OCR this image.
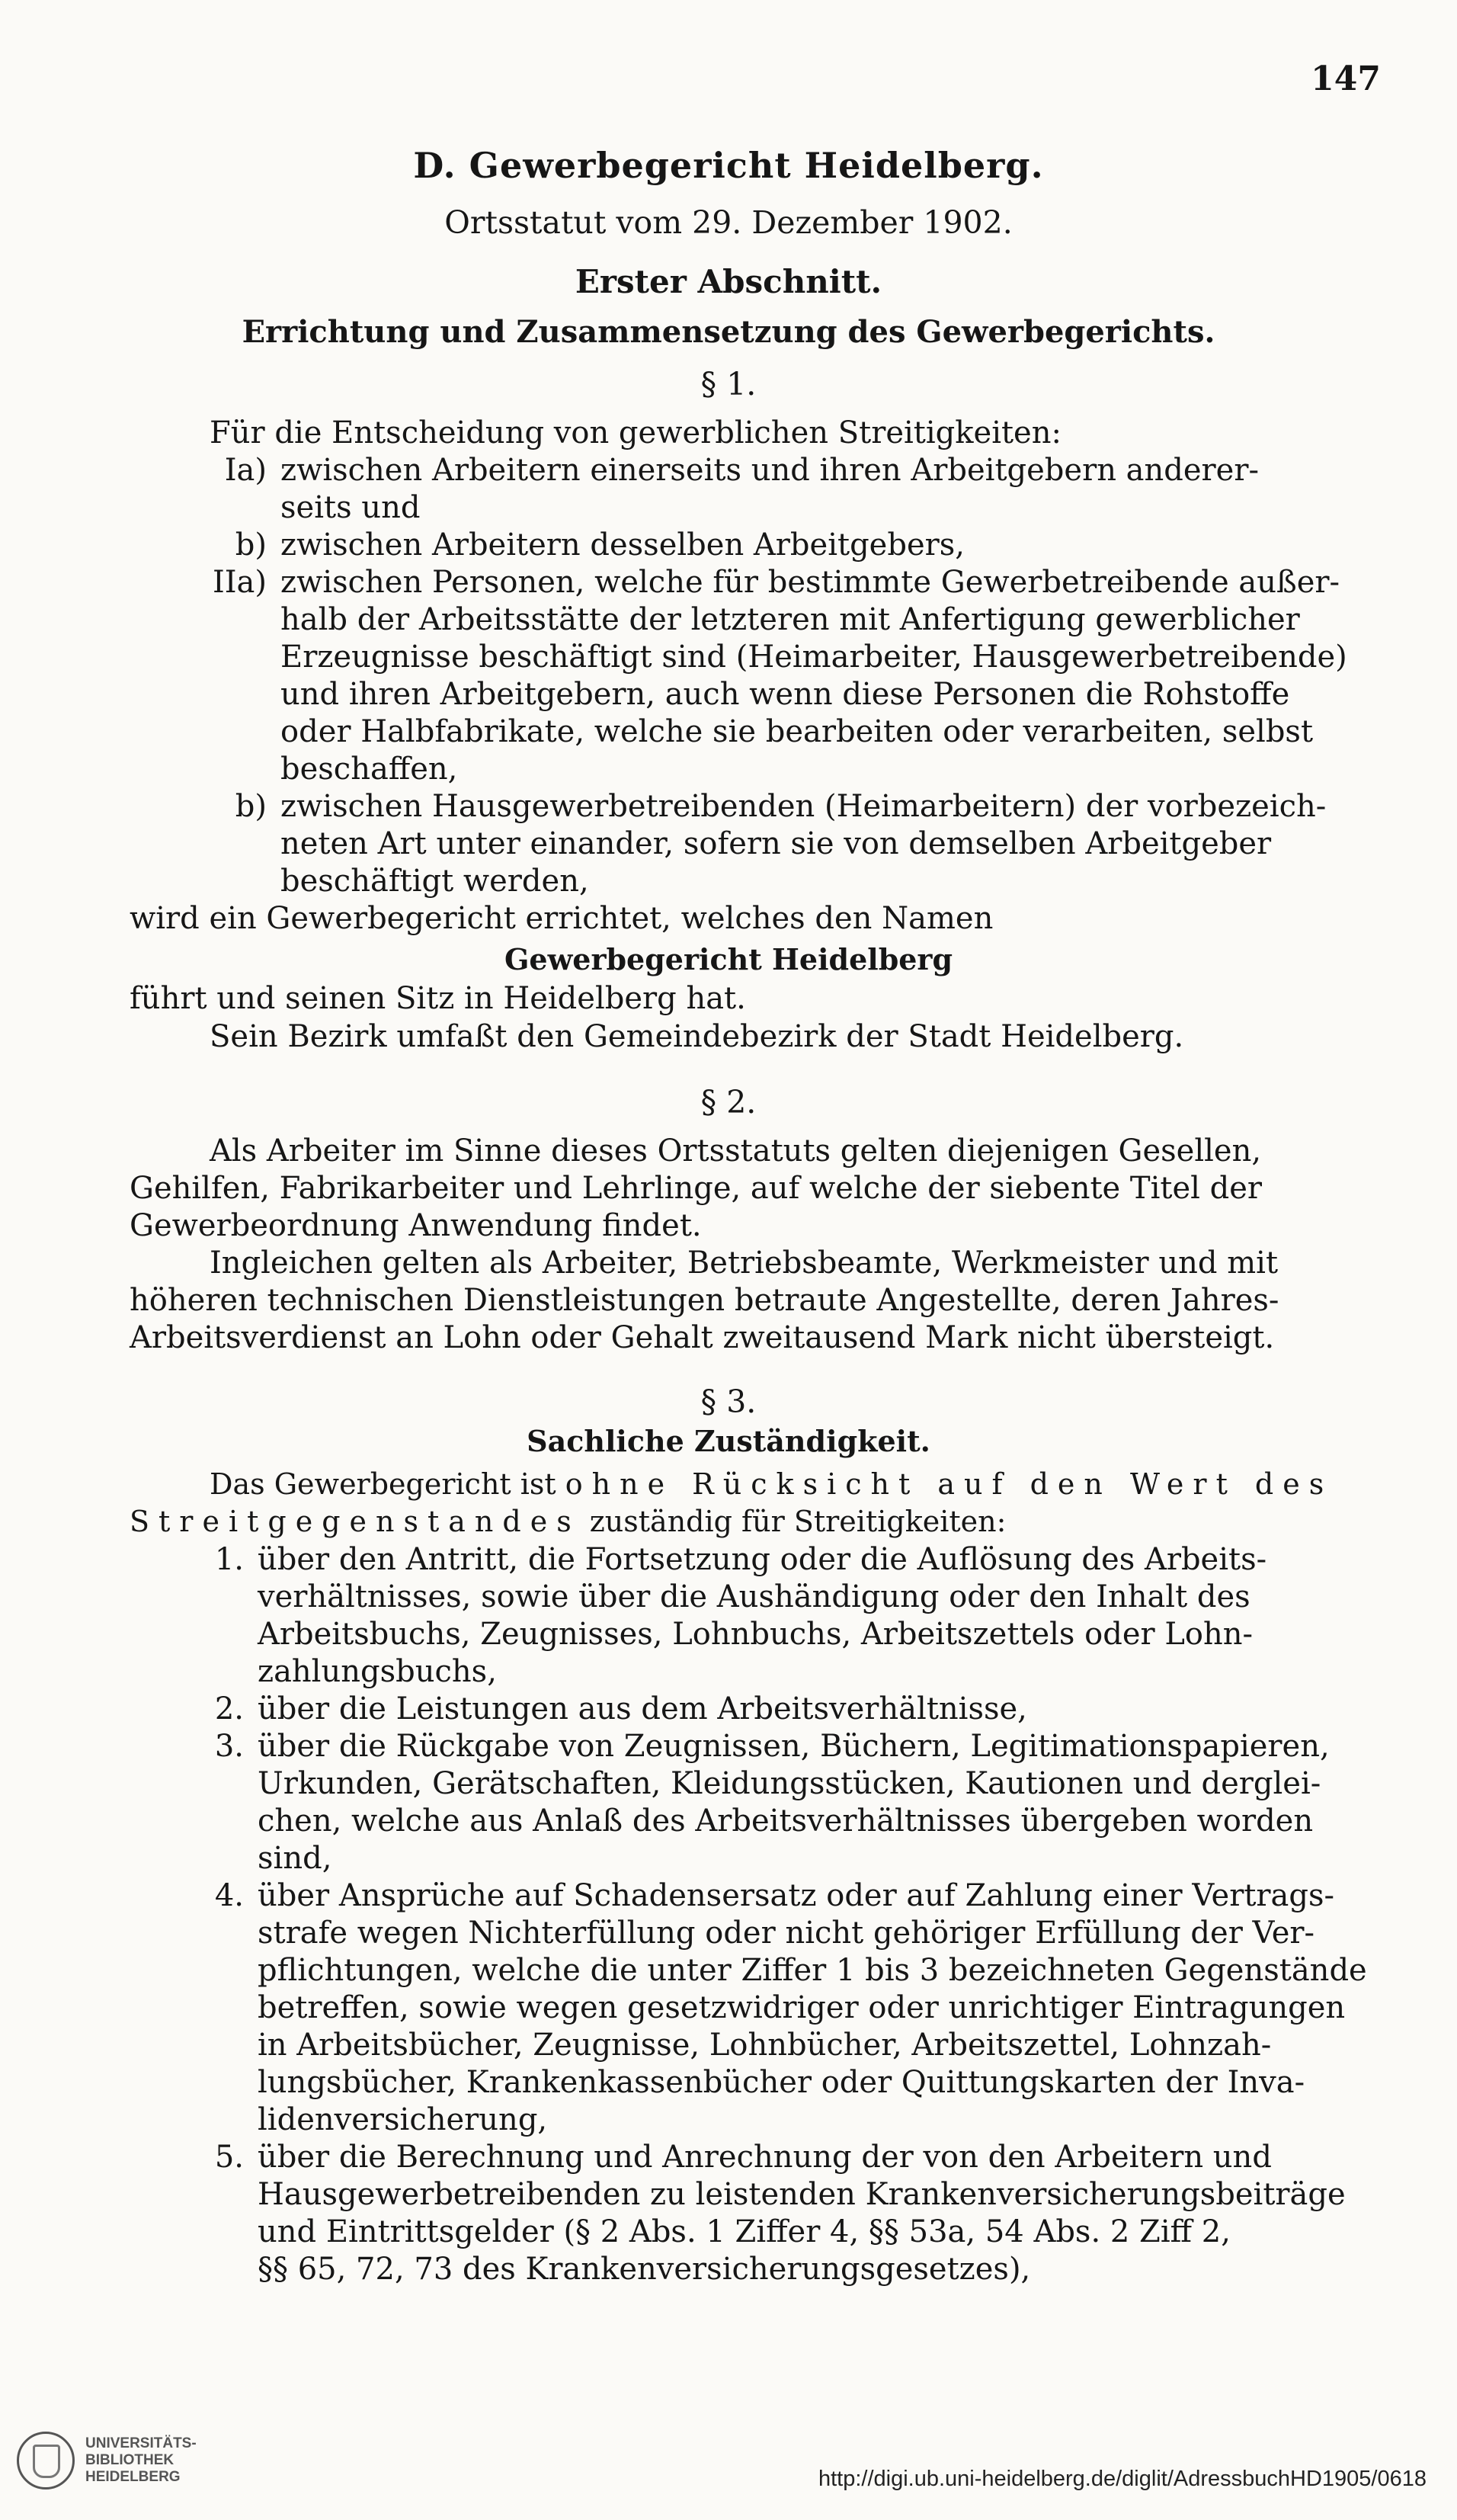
147
D. Gewerbegericht Heidelberg.
Ortsstatut vom 29. Dezember 1902.
Erster Abschnitt.
Errichtung und Zusammensetzung des Gewerbegerichts.
§ 1.
Für die Entscheidung von gewerblichen Streitigkeiten:
Ia) zwischen Arbeitern einerseits und ihren Arbeitgebern anderer-
seits und
b) zwischen Arbeitern desselben Arbeitgebers,
IIa) zwischen Personen, welche für bestimmte Gewerbetreibende außer-
halb der Arbeitsstätte der letzteren mit Anfertigung gewerblicher
Erzeugnisse beschäftigt sind (Heimarbeiter, Hausgewerbetreibende)
und ihren Arbeitgebern, auch wenn diese Personen die Rohstoffe
oder Halbfabrikate, welche sie bearbeiten oder verarbeiten, selbst
beschaffen,
b) zwischen Hausgewerbetreibenden (Heimarbeitern) der vorbezeich-
neten Art unter einander, sofern sie von demselben Arbeitgeber
beschäftigt werden,
wird ein Gewerbegericht errichtet, welches den Namen
Gewerbegericht Heidelberg
führt und seinen Sitz in Heidelberg hat.
Sein Bezirk umfaßt den Gemeindebezirk der Stadt Heidelberg.
§ 2.
Als Arbeiter im Sinne dieses Ortsstatuts gelten diejenigen Gesellen,
Gehilfen, Fabrikarbeiter und Lehrlinge, auf welche der siebente Titel der
Gewerbeordnung Anwendung findet.
Ingleichen gelten als Arbeiter, Betriebsbeamte, Werkmeister und mit
höheren technischen Dienstleistungen betraute Angestellte, deren Jahres-
Arbeitsverdienst an Lohn oder Gehalt zweitausend Mark nicht übersteigt.
§ 3.
Sachliche Zuständigkeit.
Das Gewerbegericht ist ohne Rücksicht auf den Wert des
Streitgegenstandes zuständig für Streitigkeiten:
1. über den Antritt, die Fortsetzung oder die Auflösung des Arbeits-
verhältnisses, sowie über die Aushändigung oder den Inhalt des
Arbeitsbuchs, Zeugnisses, Lohnbuchs, Arbeitszettels oder Lohn-
zahlungsbuchs,
2. über die Leistungen aus dem Arbeitsverhältnisse,
3. über die Rückgabe von Zeugnissen, Büchern, Legitimationspapieren,
Urkunden, Gerätschaften, Kleidungsstücken, Kautionen und derglei-
chen, welche aus Anlaß des Arbeitsverhältnisses übergeben worden
sind,
4. über Ansprüche auf Schadensersatz oder auf Zahlung einer Vertrags-
strafe wegen Nichterfüllung oder nicht gehöriger Erfüllung der Ver-
pflichtungen, welche die unter Ziffer 1 bis 3 bezeichneten Gegenstände
betreffen, sowie wegen gesetzwidriger oder unrichtiger Eintragungen
in Arbeitsbücher, Zeugnisse, Lohnbücher, Arbeitszettel, Lohnzah-
lungsbücher, Krankenkassenbücher oder Quittungskarten der Inva-
lidenversicherung,
5. über die Berechnung und Anrechnung der von den Arbeitern und
Hausgewerbetreibenden zu leistenden Krankenversicherungsbeiträge
und Eintrittsgelder (§ 2 Abs. 1 Ziffer 4, §§ 53a, 54 Abs. 2 Ziff 2,
§§ 65, 72, 73 des Krankenversicherungsgesetzes),
UNIVERSITÄTS-
BIBLIOTHEK
HEIDELBERG	http://digi.ub.uni-heidelberg.de/diglit/AdressbuchHD1905/0618
